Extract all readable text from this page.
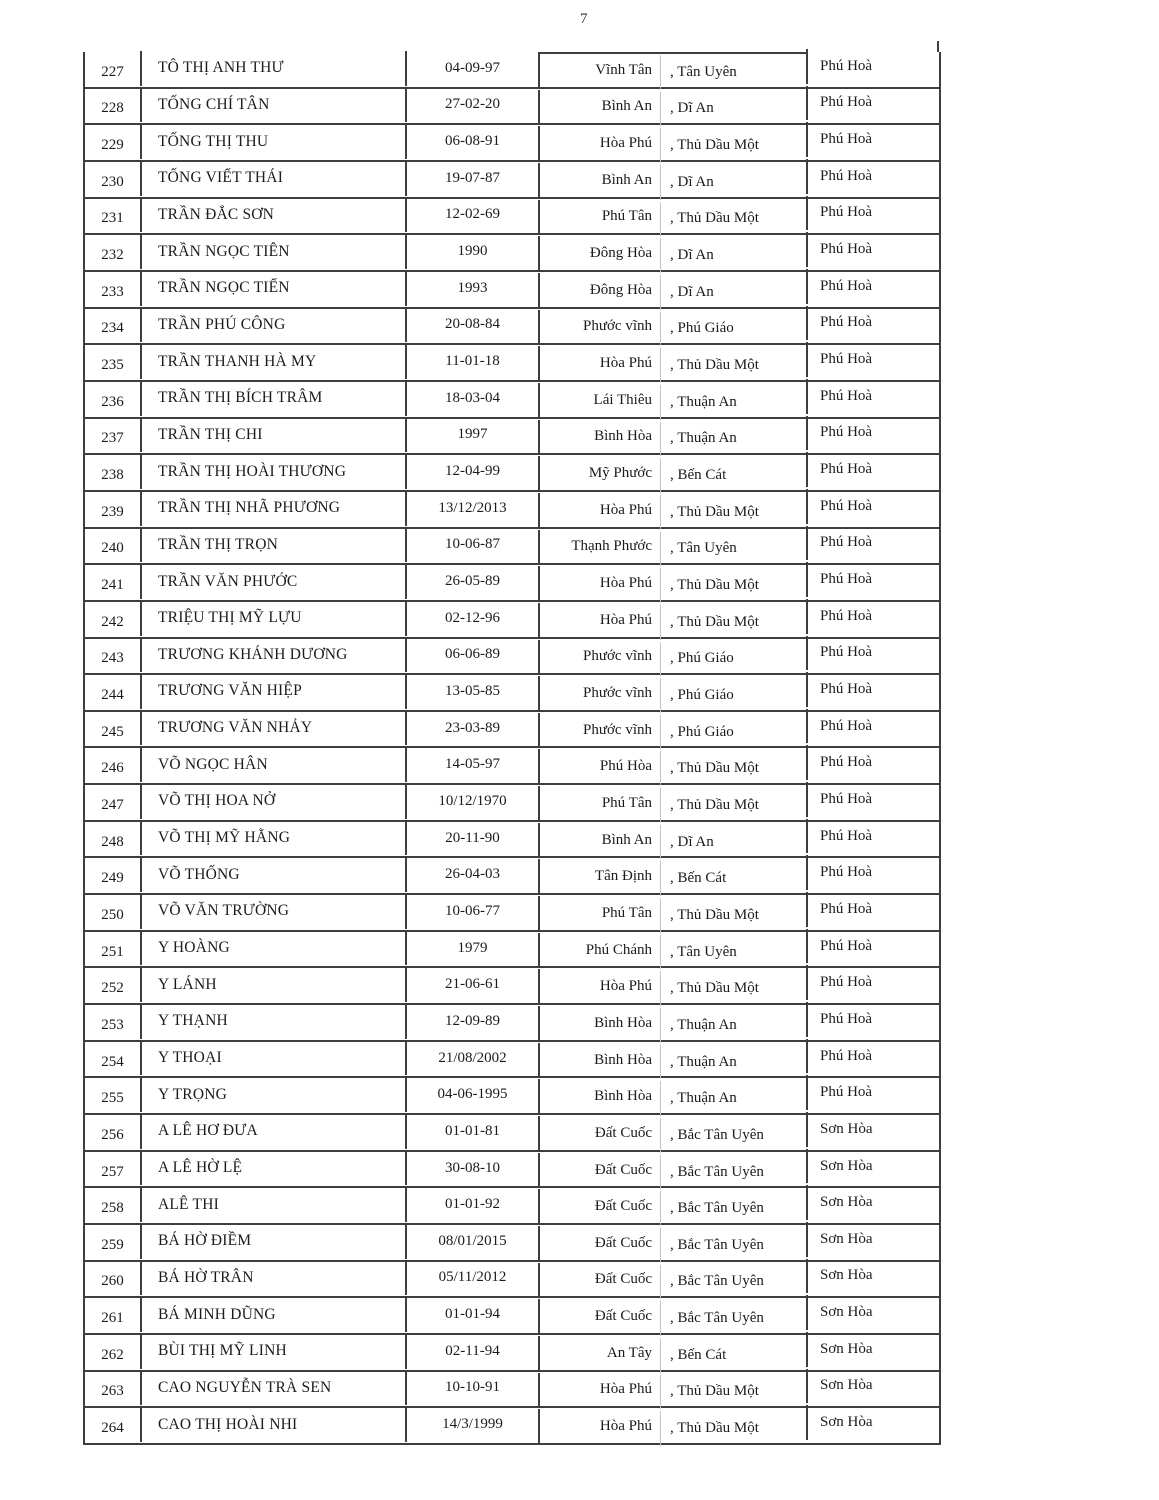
7
227	TÔ THỊ ANH THƯ	04-09-97	Vĩnh Tân	, Tân Uyên	Phú Hoà
228	TỐNG CHÍ TÂN	27-02-20	Bình An	, Dĩ An	Phú Hoà
229	TỐNG THỊ THU	06-08-91	Hòa Phú	, Thủ Dầu Một	Phú Hoà
230	TỐNG VIẾT THÁI	19-07-87	Bình An	, Dĩ An	Phú Hoà
231	TRẦN ĐẮC SƠN	12-02-69	Phú Tân	, Thủ Dầu Một	Phú Hoà
232	TRẦN NGỌC TIÊN	1990	Đông Hòa	, Dĩ An	Phú Hoà
233	TRẦN NGỌC TIẾN	1993	Đông Hòa	, Dĩ An	Phú Hoà
234	TRẦN PHÚ CÔNG	20-08-84	Phước vĩnh	, Phú Giáo	Phú Hoà
235	TRẦN THANH HÀ MY	11-01-18	Hòa Phú	, Thủ Dầu Một	Phú Hoà
236	TRẦN THỊ BÍCH TRÂM	18-03-04	Lái Thiêu	, Thuận An	Phú Hoà
237	TRẦN THỊ CHI	1997	Bình Hòa	, Thuận An	Phú Hoà
238	TRẦN THỊ HOÀI THƯƠNG	12-04-99	Mỹ Phước	, Bến Cát	Phú Hoà
239	TRẦN THỊ NHÃ PHƯƠNG	13/12/2013	Hòa Phú	, Thủ Dầu Một	Phú Hoà
240	TRẦN THỊ TRỌN	10-06-87	Thạnh Phước	, Tân Uyên	Phú Hoà
241	TRẦN VĂN PHƯỚC	26-05-89	Hòa Phú	, Thủ Dầu Một	Phú Hoà
242	TRIỆU THỊ MỸ LỰU	02-12-96	Hòa Phú	, Thủ Dầu Một	Phú Hoà
243	TRƯƠNG KHÁNH DƯƠNG	06-06-89	Phước vĩnh	, Phú Giáo	Phú Hoà
244	TRƯƠNG VĂN HIỆP	13-05-85	Phước vĩnh	, Phú Giáo	Phú Hoà
245	TRƯƠNG VĂN NHẢY	23-03-89	Phước vĩnh	, Phú Giáo	Phú Hoà
246	VÕ NGỌC HÂN	14-05-97	Phú Hòa	, Thủ Dầu Một	Phú Hoà
247	VÕ THỊ HOA NỞ	10/12/1970	Phú Tân	, Thủ Dầu Một	Phú Hoà
248	VÕ THỊ MỸ HẰNG	20-11-90	Bình An	, Dĩ An	Phú Hoà
249	VÕ THỐNG	26-04-03	Tân Định	, Bến Cát	Phú Hoà
250	VÕ VĂN TRƯỜNG	10-06-77	Phú Tân	, Thủ Dầu Một	Phú Hoà
251	Y HOÀNG	1979	Phú Chánh	, Tân Uyên	Phú Hoà
252	Y LÁNH	21-06-61	Hòa Phú	, Thủ Dầu Một	Phú Hoà
253	Y THẠNH	12-09-89	Bình Hòa	, Thuận An	Phú Hoà
254	Y THOẠI	21/08/2002	Bình Hòa	, Thuận An	Phú Hoà
255	Y TRỌNG	04-06-1995	Bình Hòa	, Thuận An	Phú Hoà
256	A LÊ HƠ ĐƯA	01-01-81	Đất Cuốc	, Bắc Tân Uyên	Sơn Hòa
257	A LÊ HỜ LỆ	30-08-10	Đất Cuốc	, Bắc Tân Uyên	Sơn Hòa
258	ALÊ THI	01-01-92	Đất Cuốc	, Bắc Tân Uyên	Sơn Hòa
259	BÁ HỜ ĐIỀM	08/01/2015	Đất Cuốc	, Bắc Tân Uyên	Sơn Hòa
260	BÁ HỜ TRÂN	05/11/2012	Đất Cuốc	, Bắc Tân Uyên	Sơn Hòa
261	BÁ MINH DŨNG	01-01-94	Đất Cuốc	, Bắc Tân Uyên	Sơn Hòa
262	BÙI THỊ MỸ LINH	02-11-94	An Tây	, Bến Cát	Sơn Hòa
263	CAO NGUYỄN TRÀ SEN	10-10-91	Hòa Phú	, Thủ Dầu Một	Sơn Hòa
264	CAO THỊ HOÀI NHI	14/3/1999	Hòa Phú	, Thủ Dầu Một	Sơn Hòa
